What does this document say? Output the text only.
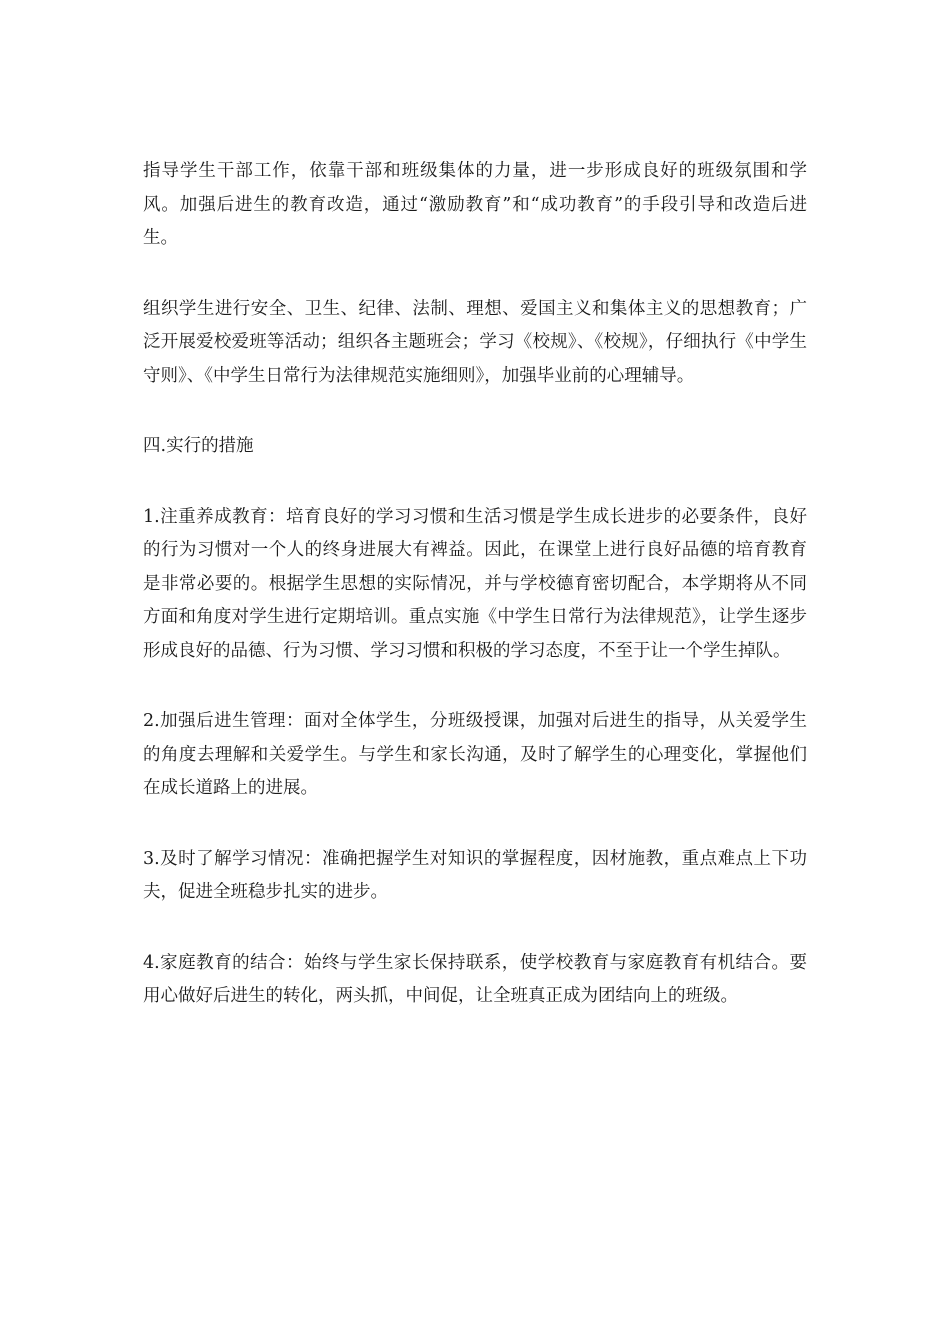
指导学生干部工作，依靠干部和班级集体的力量，进一步形成良好的班级氛围和学风。加强后进生的教育改造，通过“激励教育”和“成功教育”的手段引导和改造后进生。

组织学生进行安全、卫生、纪律、法制、理想、爱国主义和集体主义的思想教育；广泛开展爱校爱班等活动；组织各主题班会；学习《校规》、《校规》，仔细执行《中学生守则》、《中学生日常行为法律规范实施细则》，加强毕业前的心理辅导。

四.实行的措施

1.注重养成教育：培育良好的学习习惯和生活习惯是学生成长进步的必要条件，良好的行为习惯对一个人的终身进展大有裨益。因此，在课堂上进行良好品德的培育教育是非常必要的。根据学生思想的实际情况，并与学校德育密切配合，本学期将从不同方面和角度对学生进行定期培训。重点实施《中学生日常行为法律规范》，让学生逐步形成良好的品德、行为习惯、学习习惯和积极的学习态度，不至于让一个学生掉队。

2.加强后进生管理：面对全体学生，分班级授课，加强对后进生的指导，从关爱学生的角度去理解和关爱学生。与学生和家长沟通，及时了解学生的心理变化，掌握他们在成长道路上的进展。

3.及时了解学习情况：准确把握学生对知识的掌握程度，因材施教，重点难点上下功夫，促进全班稳步扎实的进步。

4.家庭教育的结合：始终与学生家长保持联系，使学校教育与家庭教育有机结合。要用心做好后进生的转化，两头抓，中间促，让全班真正成为团结向上的班级。
